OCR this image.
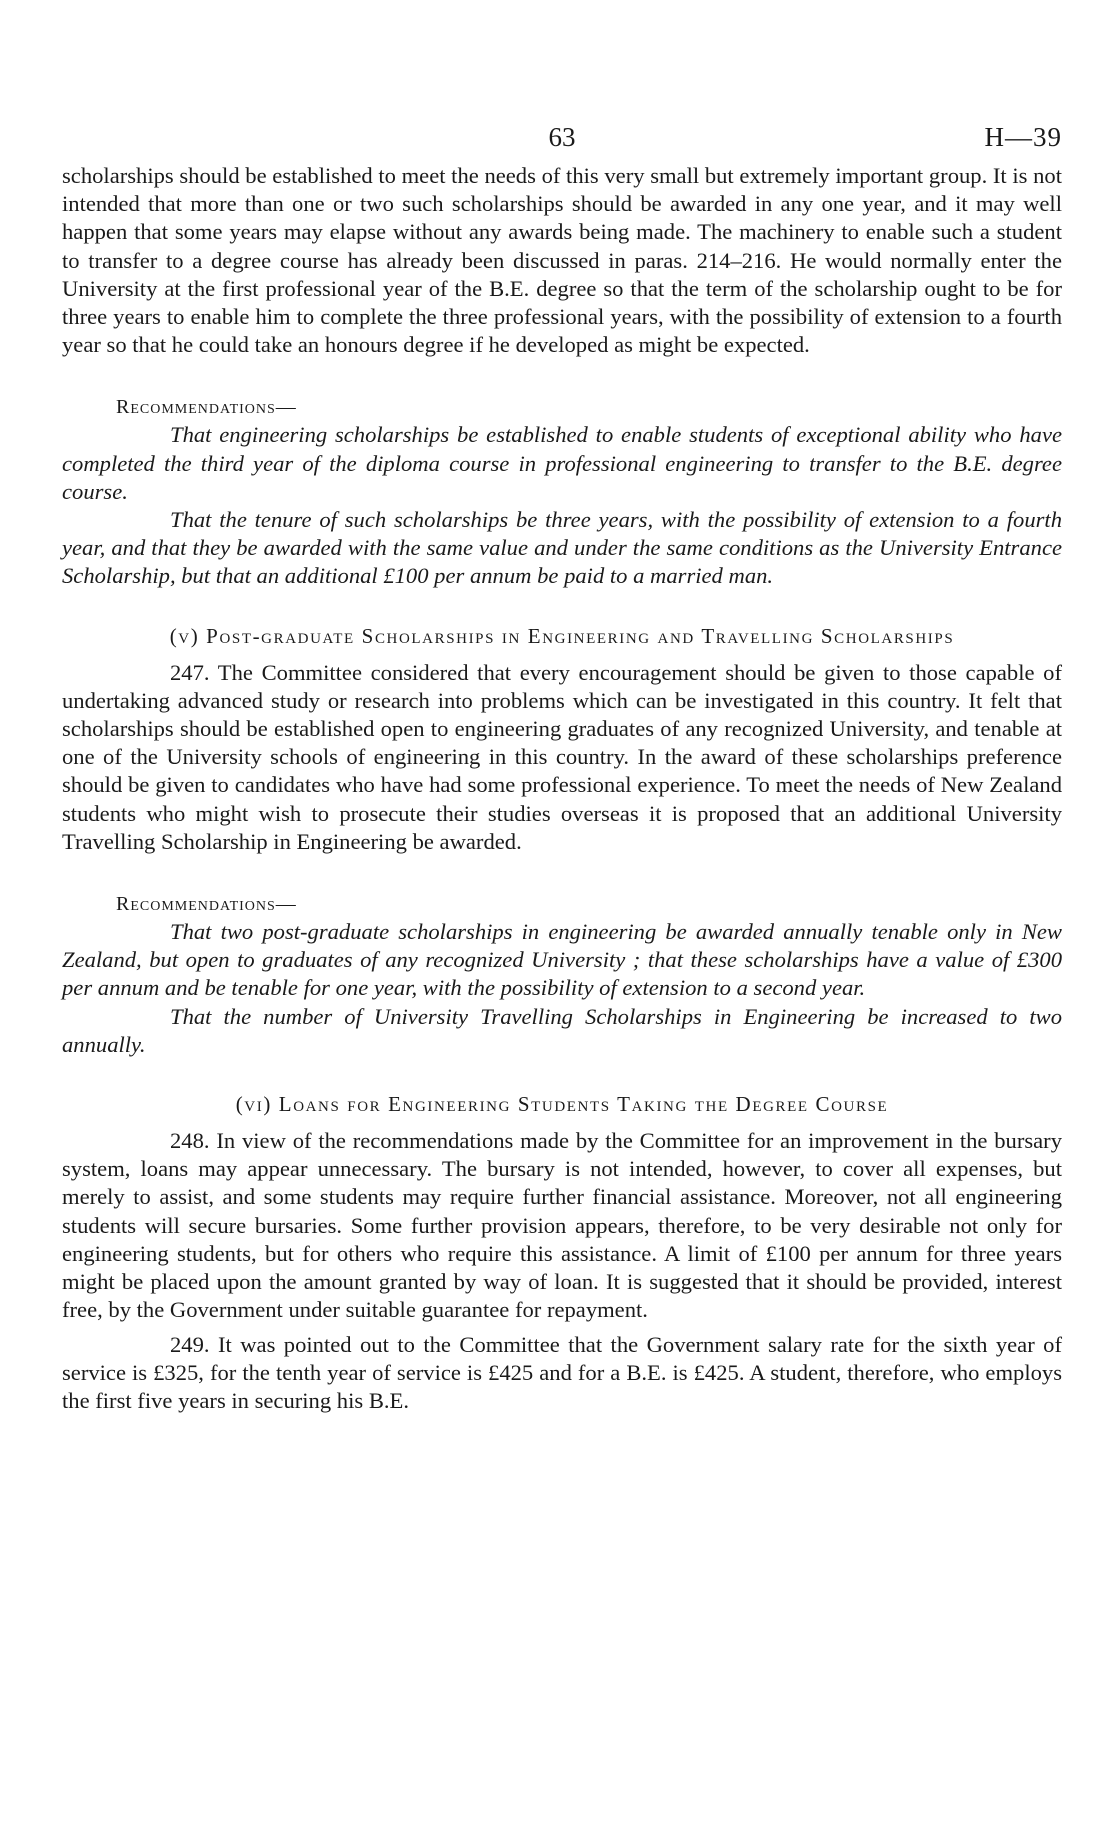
63	H—39

scholarships should be established to meet the needs of this very small but extremely important group. It is not intended that more than one or two such scholarships should be awarded in any one year, and it may well happen that some years may elapse without any awards being made. The machinery to enable such a student to transfer to a degree course has already been discussed in paras. 214–216. He would normally enter the University at the first professional year of the B.E. degree so that the term of the scholarship ought to be for three years to enable him to complete the three professional years, with the possibility of extension to a fourth year so that he could take an honours degree if he developed as might be expected.

Recommendations—

That engineering scholarships be established to enable students of exceptional ability who have completed the third year of the diploma course in professional engineering to transfer to the B.E. degree course.

That the tenure of such scholarships be three years, with the possibility of extension to a fourth year, and that they be awarded with the same value and under the same conditions as the University Entrance Scholarship, but that an additional £100 per annum be paid to a married man.

(v) Post-graduate Scholarships in Engineering and Travelling Scholarships

247. The Committee considered that every encouragement should be given to those capable of undertaking advanced study or research into problems which can be investigated in this country. It felt that scholarships should be established open to engineering graduates of any recognized University, and tenable at one of the University schools of engineering in this country. In the award of these scholarships preference should be given to candidates who have had some professional experience. To meet the needs of New Zealand students who might wish to prosecute their studies overseas it is proposed that an additional University Travelling Scholarship in Engineering be awarded.

Recommendations—

That two post-graduate scholarships in engineering be awarded annually tenable only in New Zealand, but open to graduates of any recognized University ; that these scholarships have a value of £300 per annum and be tenable for one year, with the possibility of extension to a second year.

That the number of University Travelling Scholarships in Engineering be increased to two annually.

(vi) Loans for Engineering Students Taking the Degree Course

248. In view of the recommendations made by the Committee for an improvement in the bursary system, loans may appear unnecessary. The bursary is not intended, however, to cover all expenses, but merely to assist, and some students may require further financial assistance. Moreover, not all engineering students will secure bursaries. Some further provision appears, therefore, to be very desirable not only for engineering students, but for others who require this assistance. A limit of £100 per annum for three years might be placed upon the amount granted by way of loan. It is suggested that it should be provided, interest free, by the Government under suitable guarantee for repayment.

249. It was pointed out to the Committee that the Government salary rate for the sixth year of service is £325, for the tenth year of service is £425 and for a B.E. is £425. A student, therefore, who employs the first five years in securing his B.E.
